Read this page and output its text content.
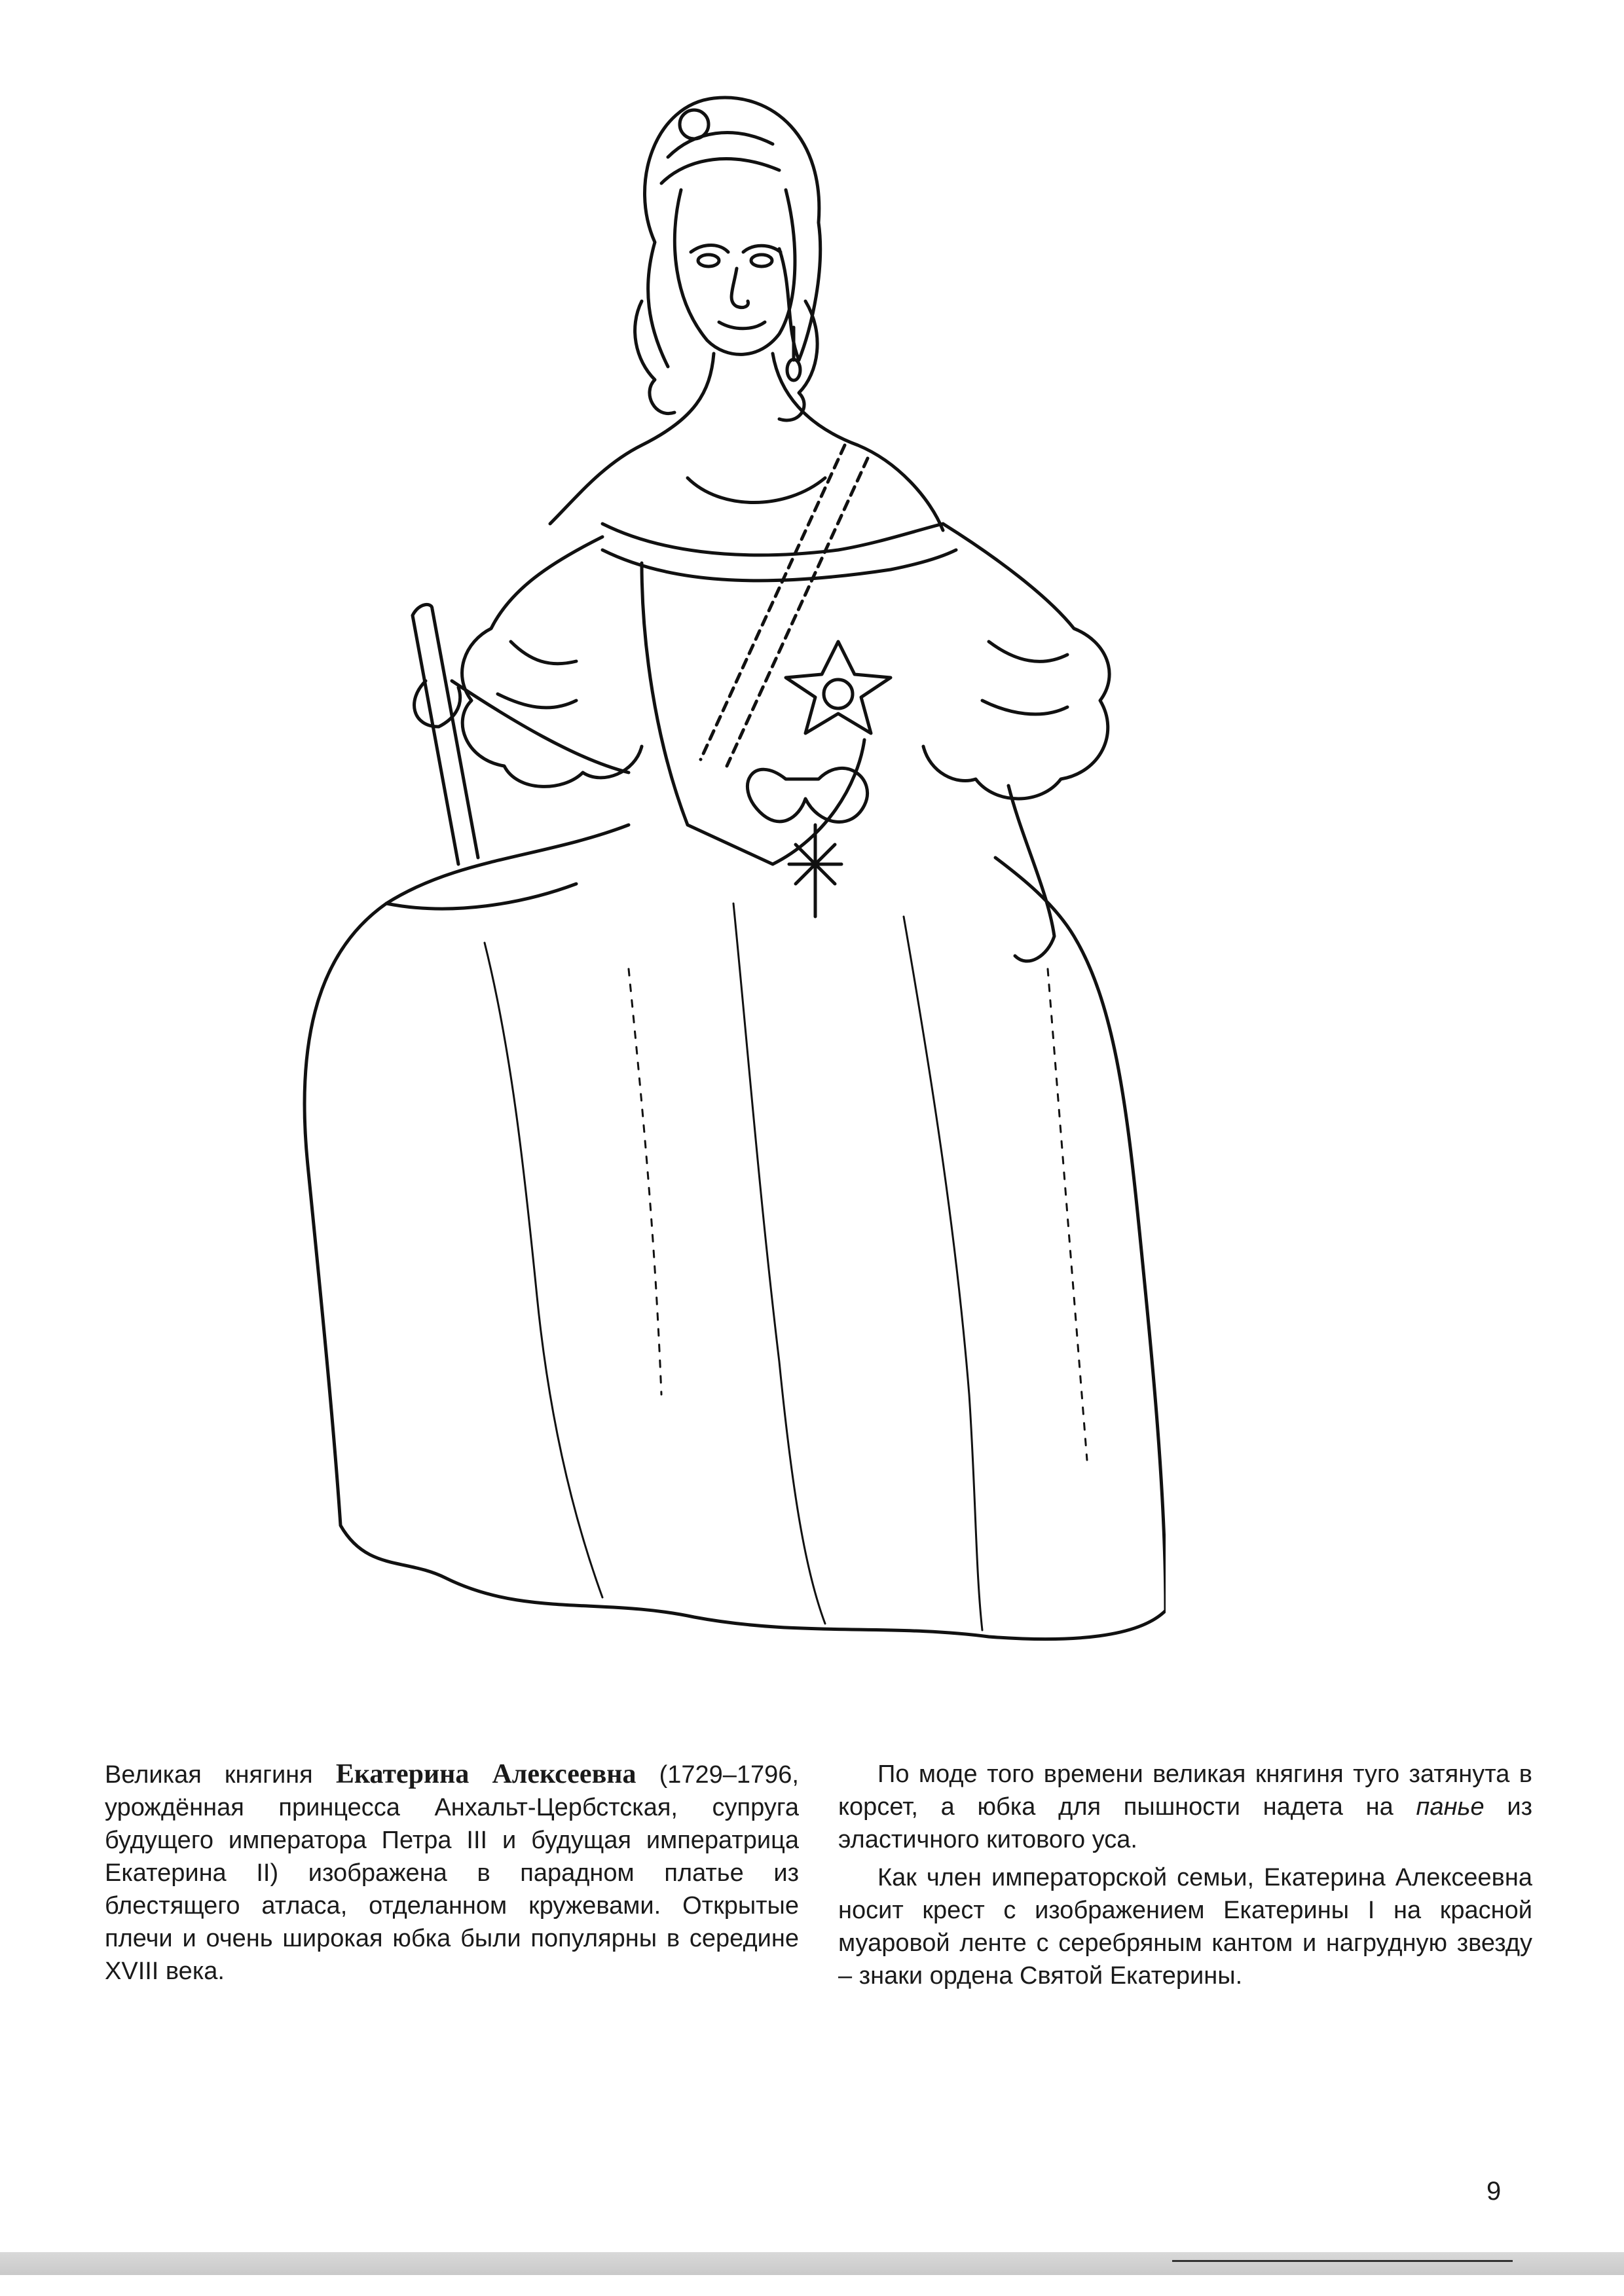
Великая княгиня Екатерина Алексеевна (1729–1796, урождённая принцесса Анхальт-Цербстская, супруга будущего императора Петра III и будущая императрица Екатерина II) изображена в парадном платье из блестящего атласа, отделанном кружевами. Открытые плечи и очень широкая юбка были популярны в середине XVIII века.

По моде того времени великая княгиня туго затянута в корсет, а юбка для пышности надета на панье из эластичного китового уса.

Как член императорской семьи, Екатерина Алексеевна носит крест с изображением Екатерины I на красной муаровой ленте с серебряным кантом и нагрудную звезду – знаки ордена Святой Екатерины.

9
